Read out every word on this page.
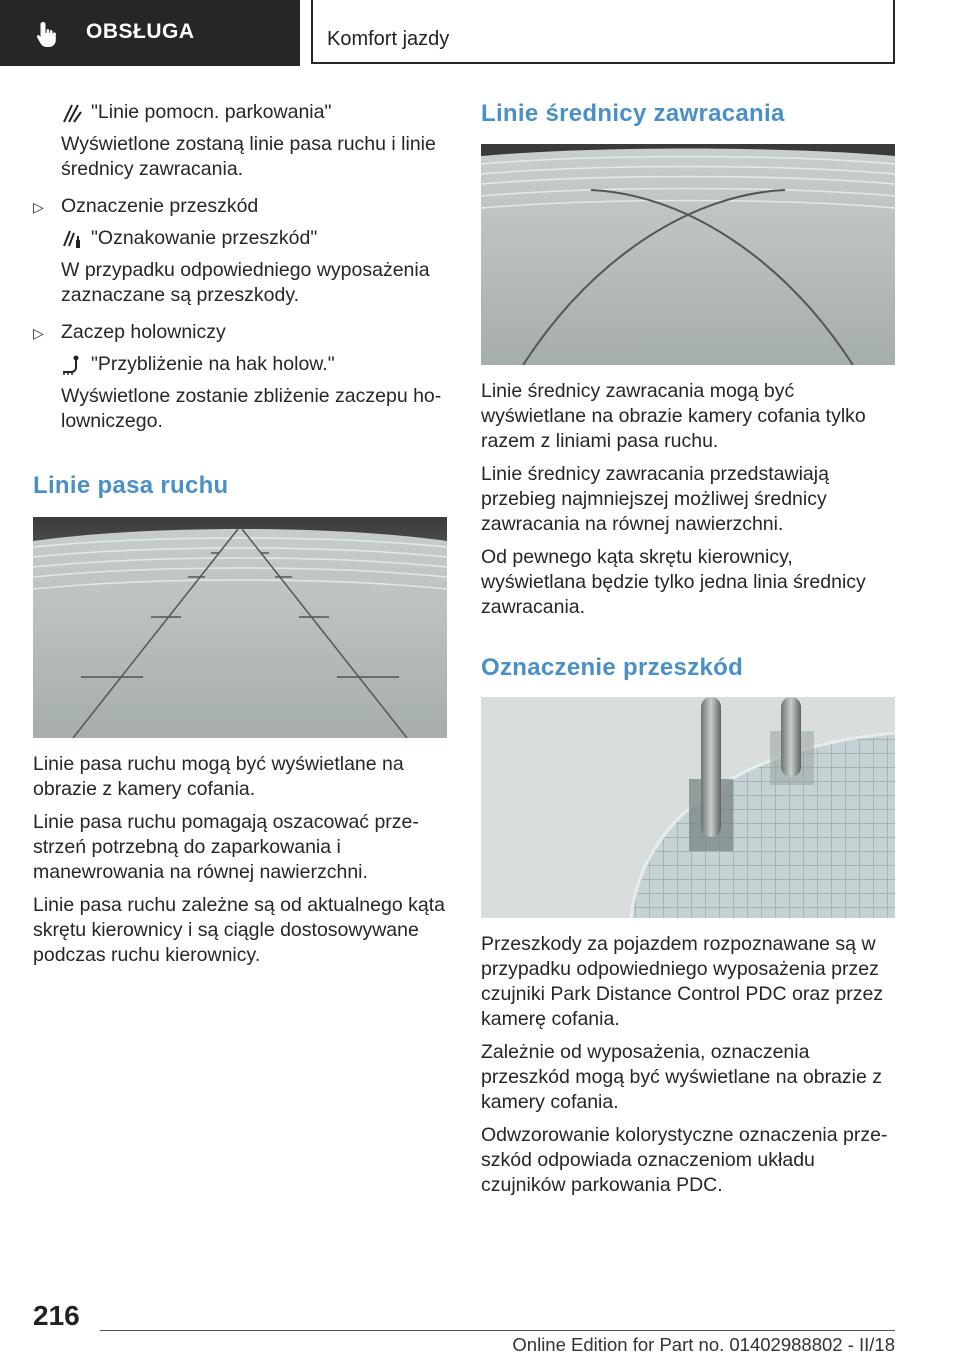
OBSŁUGA	Komfort jazdy
"Linie pomocn. parkowania"
Wyświetlone zostaną linie pasa ruchu i linie średnicy zawracania.
▷ Oznaczenie przeszkód
"Oznakowanie przeszkód"
W przypadku odpowiedniego wyposażenia zaznaczane są przeszkody.
▷ Zaczep holowniczy
"Przybliżenie na hak holow."
Wyświetlone zostanie zbliżenie zaczepu holowniczego.
Linie pasa ruchu
Linie pasa ruchu mogą być wyświetlane na obrazie z kamery cofania.
Linie pasa ruchu pomagają oszacować przestrzeń potrzebną do zaparkowania i manewrowania na równej nawierzchni.
Linie pasa ruchu zależne są od aktualnego kąta skrętu kierownicy i są ciągle dostosowywane podczas ruchu kierownicy.
Linie średnicy zawracania
Linie średnicy zawracania mogą być wyświetlane na obrazie kamery cofania tylko razem z liniami pasa ruchu.
Linie średnicy zawracania przedstawiają przebieg najmniejszej możliwej średnicy zawracania na równej nawierzchni.
Od pewnego kąta skrętu kierownicy, wyświetlana będzie tylko jedna linia średnicy zawracania.
Oznaczenie przeszkód
Przeszkody za pojazdem rozpoznawane są w przypadku odpowiedniego wyposażenia przez czujniki Park Distance Control PDC oraz przez kamerę cofania.
Zależnie od wyposażenia, oznaczenia przeszkód mogą być wyświetlane na obrazie z kamery cofania.
Odwzorowanie kolorystyczne oznaczenia przeszkód odpowiada oznaczeniom układu czujników parkowania PDC.
216
Online Edition for Part no. 01402988802 - II/18
